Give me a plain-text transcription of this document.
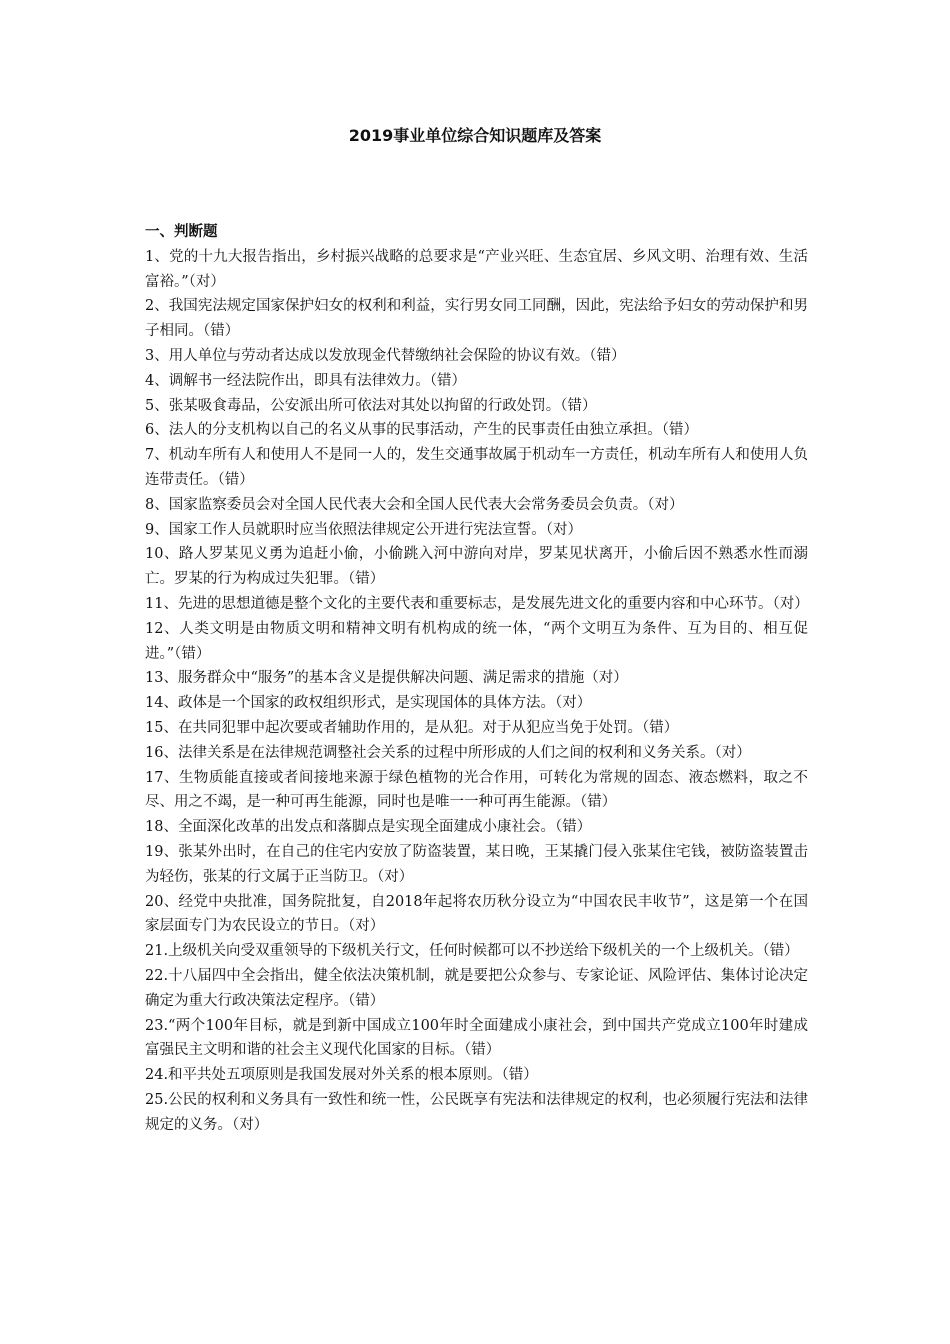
2019事业单位综合知识题库及答案

一、判断题

1、党的十九大报告指出，乡村振兴战略的总要求是“产业兴旺、生态宜居、乡风文明、治理有效、生活富裕。”（对）

2、我国宪法规定国家保护妇女的权利和利益，实行男女同工同酬，因此，宪法给予妇女的劳动保护和男子相同。（错）

3、用人单位与劳动者达成以发放现金代替缴纳社会保险的协议有效。（错）

4、调解书一经法院作出，即具有法律效力。（错）

5、张某吸食毒品，公安派出所可依法对其处以拘留的行政处罚。（错）

6、法人的分支机构以自己的名义从事的民事活动，产生的民事责任由独立承担。（错）

7、机动车所有人和使用人不是同一人的，发生交通事故属于机动车一方责任，机动车所有人和使用人负连带责任。（错）

8、国家监察委员会对全国人民代表大会和全国人民代表大会常务委员会负责。（对）

9、国家工作人员就职时应当依照法律规定公开进行宪法宣誓。（对）

10、路人罗某见义勇为追赶小偷，小偷跳入河中游向对岸，罗某见状离开，小偷后因不熟悉水性而溺亡。罗某的行为构成过失犯罪。（错）

11、先进的思想道德是整个文化的主要代表和重要标志，是发展先进文化的重要内容和中心环节。（对）

12、人类文明是由物质文明和精神文明有机构成的统一体，“两个文明互为条件、互为目的、相互促进。”（错）

13、服务群众中“服务”的基本含义是提供解决问题、满足需求的措施（对）

14、政体是一个国家的政权组织形式，是实现国体的具体方法。（对）

15、在共同犯罪中起次要或者辅助作用的，是从犯。对于从犯应当免于处罚。（错）

16、法律关系是在法律规范调整社会关系的过程中所形成的人们之间的权利和义务关系。（对）

17、生物质能直接或者间接地来源于绿色植物的光合作用，可转化为常规的固态、液态燃料，取之不尽、用之不竭，是一种可再生能源，同时也是唯一一种可再生能源。（错）

18、全面深化改革的出发点和落脚点是实现全面建成小康社会。（错）

19、张某外出时，在自己的住宅内安放了防盗装置，某日晚，王某撬门侵入张某住宅钱，被防盗装置击为轻伤，张某的行文属于正当防卫。（对）

20、经党中央批准，国务院批复，自2018年起将农历秋分设立为“中国农民丰收节”，这是第一个在国家层面专门为农民设立的节日。（对）

21.上级机关向受双重领导的下级机关行文，任何时候都可以不抄送给下级机关的一个上级机关。（错）

22.十八届四中全会指出，健全依法决策机制，就是要把公众参与、专家论证、风险评估、集体讨论决定确定为重大行政决策法定程序。（错）

23.“两个100年目标，就是到新中国成立100年时全面建成小康社会，到中国共产党成立100年时建成富强民主文明和谐的社会主义现代化国家的目标。（错）

24.和平共处五项原则是我国发展对外关系的根本原则。（错）

25.公民的权利和义务具有一致性和统一性，公民既享有宪法和法律规定的权利，也必须履行宪法和法律规定的义务。（对）
